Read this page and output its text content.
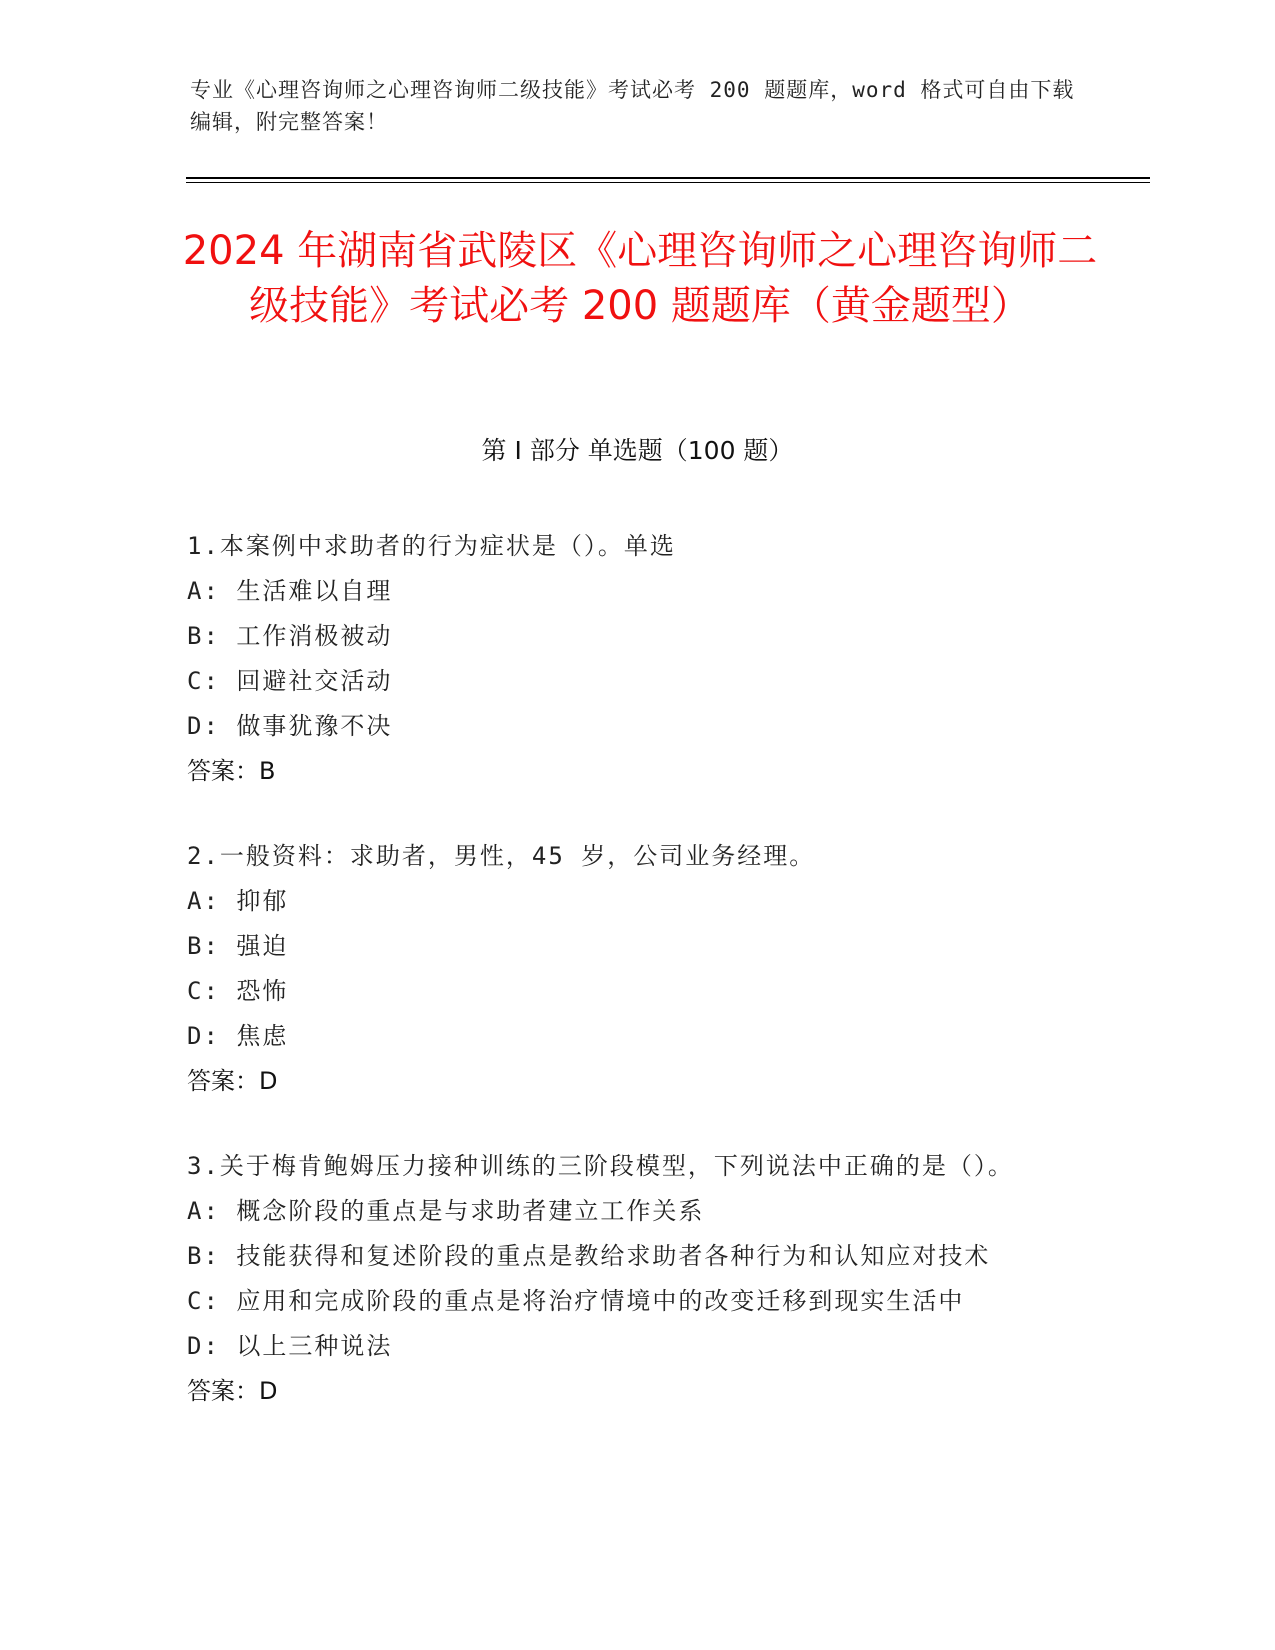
专业《心理咨询师之心理咨询师二级技能》考试必考 200 题题库，word 格式可自由下载编辑，附完整答案！
2024 年湖南省武陵区《心理咨询师之心理咨询师二级技能》考试必考 200 题题库（黄金题型）
第 I 部分 单选题（100 题）
1.本案例中求助者的行为症状是（）。单选
A: 生活难以自理
B: 工作消极被动
C: 回避社交活动
D: 做事犹豫不决
答案：B
2.一般资料：求助者，男性，45 岁，公司业务经理。
A: 抑郁
B: 强迫
C: 恐怖
D: 焦虑
答案：D
3.关于梅肯鲍姆压力接种训练的三阶段模型，下列说法中正确的是（）。
A: 概念阶段的重点是与求助者建立工作关系
B: 技能获得和复述阶段的重点是教给求助者各种行为和认知应对技术
C: 应用和完成阶段的重点是将治疗情境中的改变迁移到现实生活中
D: 以上三种说法
答案：D
